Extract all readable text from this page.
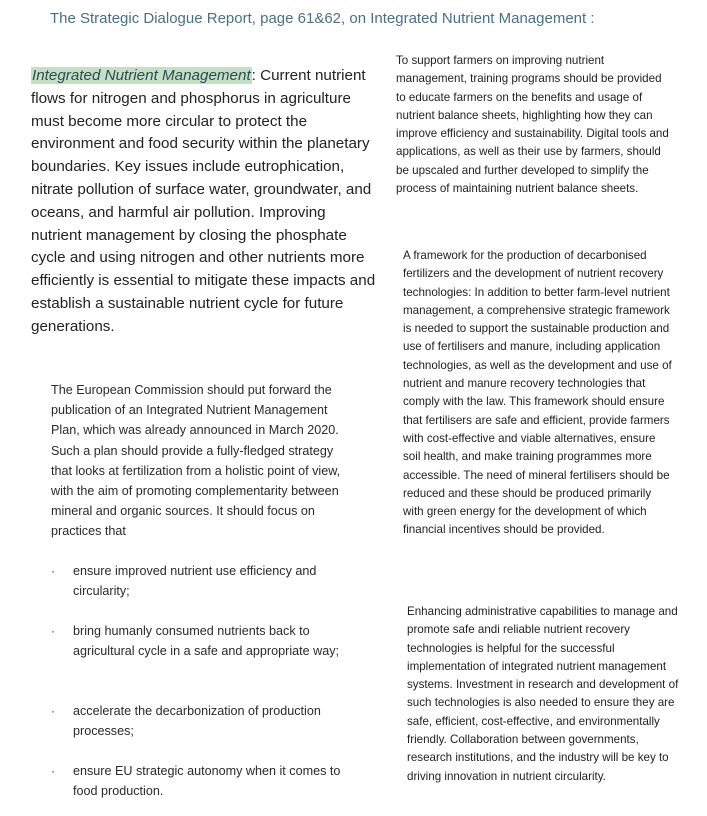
The Strategic Dialogue Report, page 61&62, on Integrated Nutrient Management :

Integrated Nutrient Management: Current nutrient flows for nitrogen and phosphorus in agriculture must become more circular to protect the environment and food security within the planetary boundaries. Key issues include eutrophication, nitrate pollution of surface water, groundwater, and oceans, and harmful air pollution. Improving nutrient management by closing the phosphate cycle and using nitrogen and other nutrients more efficiently is essential to mitigate these impacts and establish a sustainable nutrient cycle for future generations.

The European Commission should put forward the publication of an Integrated Nutrient Management Plan, which was already announced in March 2020. Such a plan should provide a fully-fledged strategy that looks at fertilization from a holistic point of view, with the aim of promoting complementarity between mineral and organic sources. It should focus on practices that

· ensure improved nutrient use efficiency and circularity;
· bring humanly consumed nutrients back to agricultural cycle in a safe and appropriate way;
· accelerate the decarbonization of production processes;
· ensure EU strategic autonomy when it comes to food production.

To support farmers on improving nutrient management, training programs should be provided to educate farmers on the benefits and usage of nutrient balance sheets, highlighting how they can improve efficiency and sustainability. Digital tools and applications, as well as their use by farmers, should be upscaled and further developed to simplify the process of maintaining nutrient balance sheets.

A framework for the production of decarbonised fertilizers and the development of nutrient recovery technologies: In addition to better farm-level nutrient management, a comprehensive strategic framework is needed to support the sustainable production and use of fertilisers and manure, including application technologies, as well as the development and use of nutrient and manure recovery technologies that comply with the law. This framework should ensure that fertilisers are safe and efficient, provide farmers with cost-effective and viable alternatives, ensure soil health, and make training programmes more accessible. The need of mineral fertilisers should be reduced and these should be produced primarily with green energy for the development of which financial incentives should be provided.

Enhancing administrative capabilities to manage and promote safe andi reliable nutrient recovery technologies is helpful for the successful implementation of integrated nutrient management systems. Investment in research and development of such technologies is also needed to ensure they are safe, efficient, cost-effective, and environmentally friendly. Collaboration between governments, research institutions, and the industry will be key to driving innovation in nutrient circularity.
